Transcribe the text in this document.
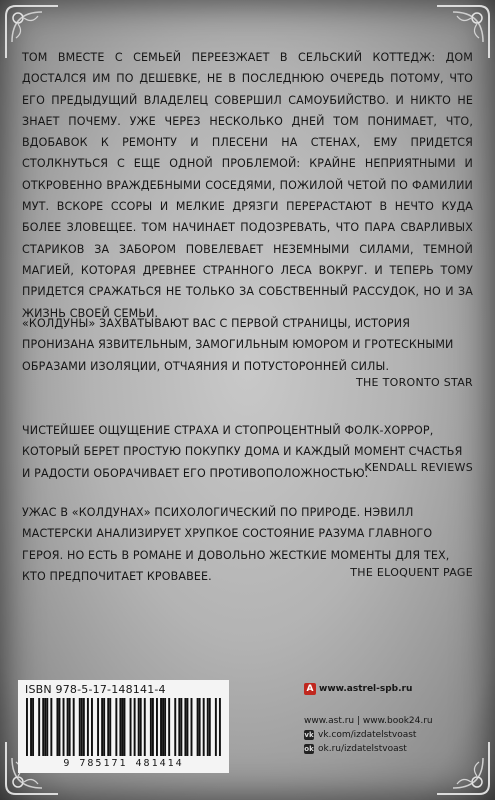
ТОМ ВМЕСТЕ С СЕМЬЕЙ ПЕРЕЕЗЖАЕТ В СЕЛЬСКИЙ КОТТЕДЖ: ДОМ ДОСТАЛСЯ ИМ ПО ДЕШЕВКЕ, НЕ В ПОСЛЕДНЮЮ ОЧЕРЕДЬ ПОТОМУ, ЧТО ЕГО ПРЕДЫДУЩИЙ ВЛАДЕЛЕЦ СОВЕРШИЛ САМОУБИЙСТВО. И НИКТО НЕ ЗНАЕТ ПОЧЕМУ. УЖЕ ЧЕРЕЗ НЕСКОЛЬКО ДНЕЙ ТОМ ПОНИМАЕТ, ЧТО, ВДОБАВОК К РЕМОНТУ И ПЛЕСЕНИ НА СТЕНАХ, ЕМУ ПРИДЕТСЯ СТОЛКНУТЬСЯ С ЕЩЕ ОДНОЙ ПРОБЛЕМОЙ: КРАЙНЕ НЕПРИЯТНЫМИ И ОТКРОВЕННО ВРАЖДЕБНЫМИ СОСЕДЯМИ, ПОЖИЛОЙ ЧЕТОЙ ПО ФАМИЛИИ МУТ. ВСКОРЕ ССОРЫ И МЕЛКИЕ ДРЯЗГИ ПЕРЕРАСТАЮТ В НЕЧТО КУДА БОЛЕЕ ЗЛОВЕЩЕЕ. ТОМ НАЧИНАЕТ ПОДОЗРЕВАТЬ, ЧТО ПАРА СВАРЛИВЫХ СТАРИКОВ ЗА ЗАБОРОМ ПОВЕЛЕВАЕТ НЕЗЕМНЫМИ СИЛАМИ, ТЕМНОЙ МАГИЕЙ, КОТОРАЯ ДРЕВНЕЕ СТРАННОГО ЛЕСА ВОКРУГ. И ТЕПЕРЬ ТОМУ ПРИДЕТСЯ СРАЖАТЬСЯ НЕ ТОЛЬКО ЗА СОБСТВЕННЫЙ РАССУДОК, НО И ЗА ЖИЗНЬ СВОЕЙ СЕМЬИ.
«КОЛДУНЫ» ЗАХВАТЫВАЮТ ВАС С ПЕРВОЙ СТРАНИЦЫ, ИСТОРИЯ ПРОНИЗАНА ЯЗВИТЕЛЬНЫМ, ЗАМОГИЛЬНЫМ ЮМОРОМ И ГРОТЕСКНЫМИ ОБРАЗАМИ ИЗОЛЯЦИИ, ОТЧАЯНИЯ И ПОТУСТОРОННЕЙ СИЛЫ.
THE TORONTO STAR
ЧИСТЕЙШЕЕ ОЩУЩЕНИЕ СТРАХА И СТОПРОЦЕНТНЫЙ ФОЛК-ХОРРОР, КОТОРЫЙ БЕРЕТ ПРОСТУЮ ПОКУПКУ ДОМА И КАЖДЫЙ МОМЕНТ СЧАСТЬЯ И РАДОСТИ ОБОРАЧИВАЕТ ЕГО ПРОТИВОПОЛОЖНОСТЬЮ.
KENDALL REVIEWS
УЖАС В «КОЛДУНАХ» ПСИХОЛОГИЧЕСКИЙ ПО ПРИРОДЕ. НЭВИЛЛ МАСТЕРСКИ АНАЛИЗИРУЕТ ХРУПКОЕ СОСТОЯНИЕ РАЗУМА ГЛАВНОГО ГЕРОЯ. НО ЕСТЬ В РОМАНЕ И ДОВОЛЬНО ЖЕСТКИЕ МОМЕНТЫ ДЛЯ ТЕХ, КТО ПРЕДПОЧИТАЕТ КРОВАВЕЕ.	THE ELOQUENT PAGE
ISBN 978-5-17-148141-4
9 785171 481414
A www.astrel-spb.ru
www.ast.ru | www.book24.ru
vk vk.com/izdatelstvoast
ok ok.ru/izdatelstvoast
